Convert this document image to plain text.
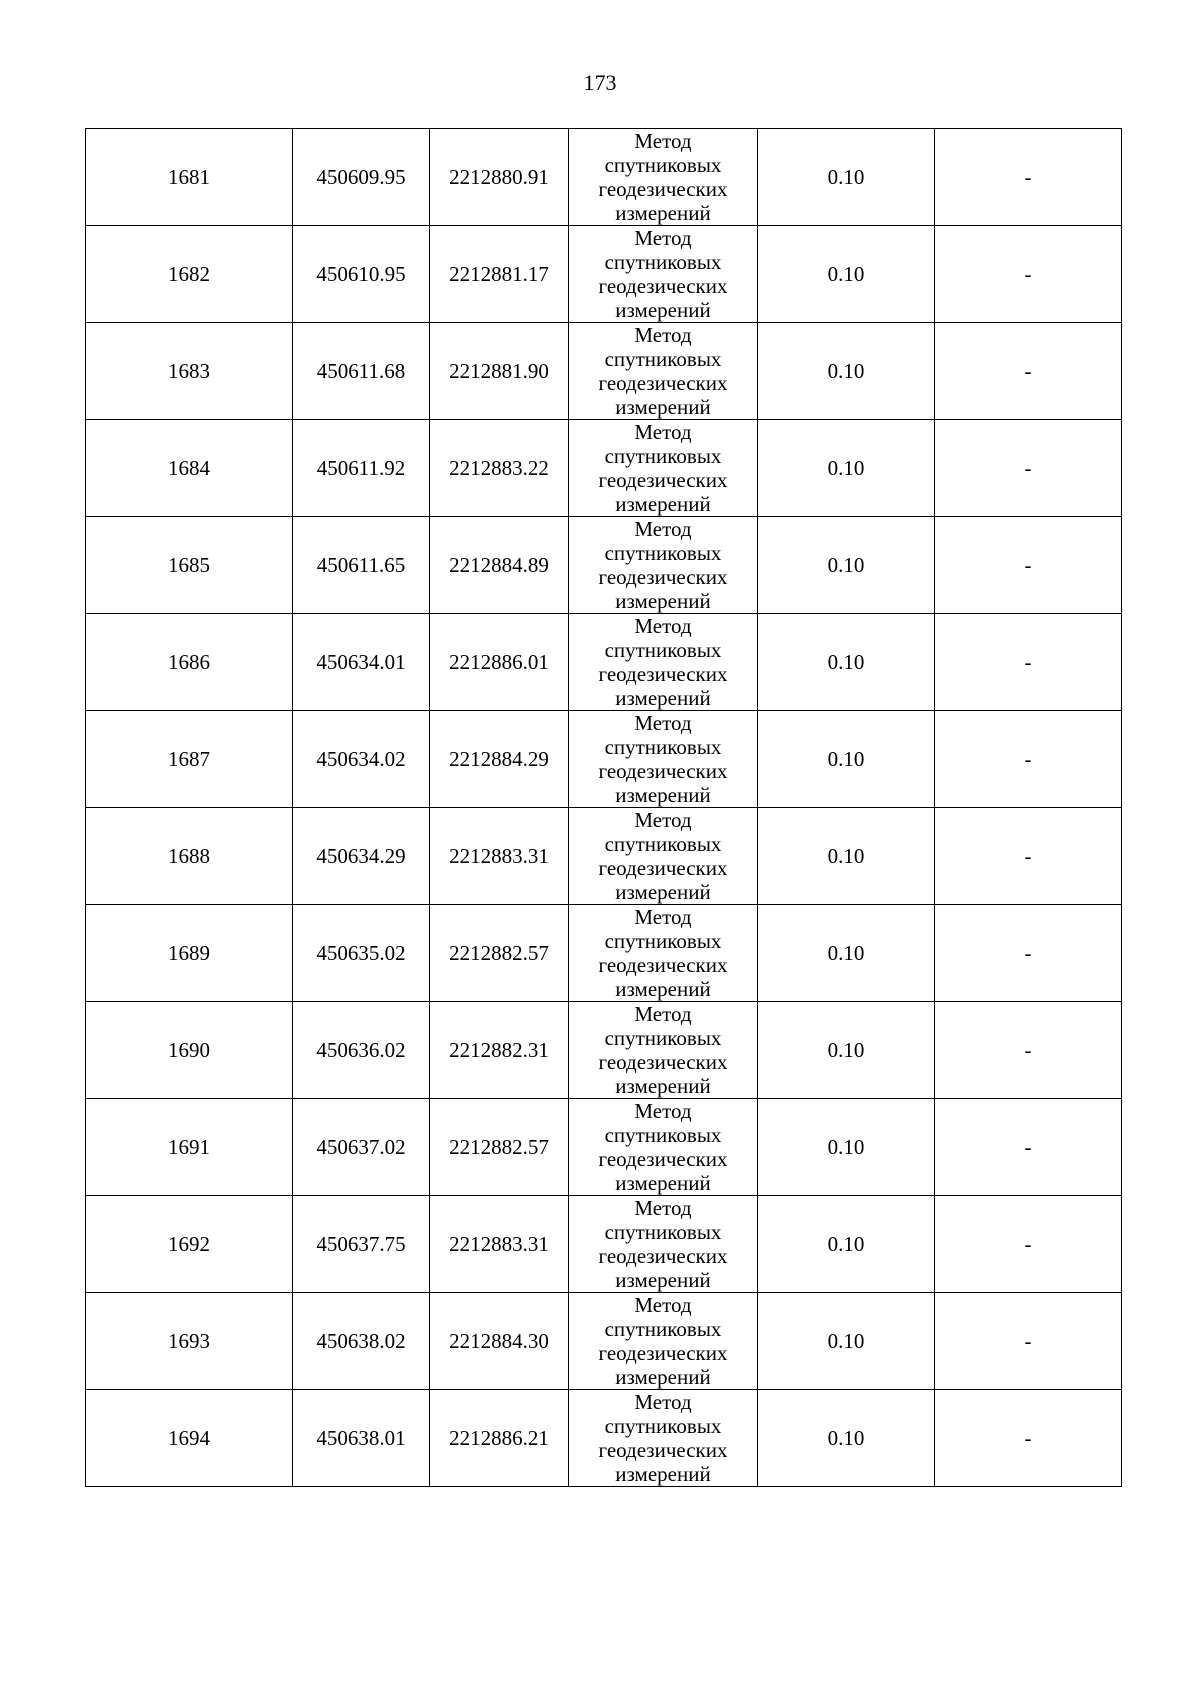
173
1681	450609.95	2212880.91	Метод
спутниковых
геодезических
измерений	0.10	-
1682	450610.95	2212881.17	Метод
спутниковых
геодезических
измерений	0.10	-
1683	450611.68	2212881.90	Метод
спутниковых
геодезических
измерений	0.10	-
1684	450611.92	2212883.22	Метод
спутниковых
геодезических
измерений	0.10	-
1685	450611.65	2212884.89	Метод
спутниковых
геодезических
измерений	0.10	-
1686	450634.01	2212886.01	Метод
спутниковых
геодезических
измерений	0.10	-
1687	450634.02	2212884.29	Метод
спутниковых
геодезических
измерений	0.10	-
1688	450634.29	2212883.31	Метод
спутниковых
геодезических
измерений	0.10	-
1689	450635.02	2212882.57	Метод
спутниковых
геодезических
измерений	0.10	-
1690	450636.02	2212882.31	Метод
спутниковых
геодезических
измерений	0.10	-
1691	450637.02	2212882.57	Метод
спутниковых
геодезических
измерений	0.10	-
1692	450637.75	2212883.31	Метод
спутниковых
геодезических
измерений	0.10	-
1693	450638.02	2212884.30	Метод
спутниковых
геодезических
измерений	0.10	-
1694	450638.01	2212886.21	Метод
спутниковых
геодезических
измерений	0.10	-
